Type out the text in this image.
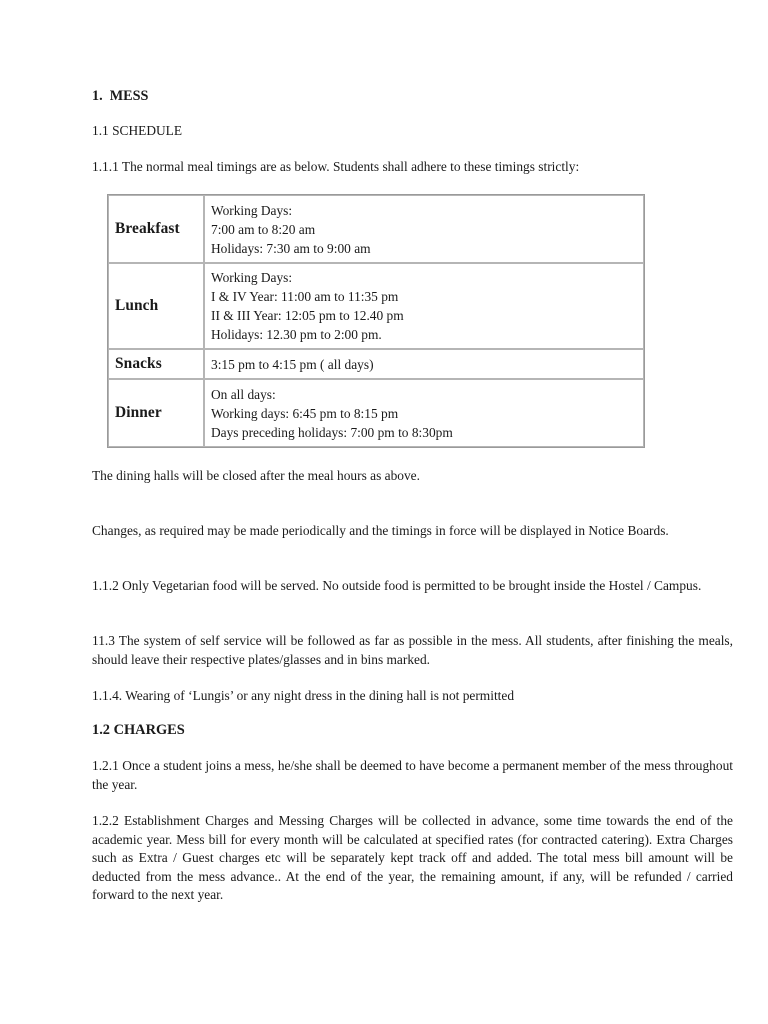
1. MESS
1.1 SCHEDULE
1.1.1 The normal meal timings are as below. Students shall adhere to these timings strictly:
Breakfast	Working Days:
7:00 am to 8:20 am
Holidays: 7:30 am to 9:00 am

Lunch	Working Days:
I & IV Year: 11:00 am to 11:35 pm
II & III Year: 12:05 pm to 12.40 pm
Holidays: 12.30 pm to 2:00 pm.

Snacks	3:15 pm to 4:15 pm ( all days)

Dinner	On all days:
Working days: 6:45 pm to 8:15 pm
Days preceding holidays: 7:00 pm to 8:30pm
The dining halls will be closed after the meal hours as above.
Changes, as required may be made periodically and the timings in force will be displayed in Notice Boards.
1.1.2 Only Vegetarian food will be served. No outside food is permitted to be brought inside the Hostel / Campus.
11.3 The system of self service will be followed as far as possible in the mess. All students, after finishing the meals, should leave their respective plates/glasses and in bins marked.
1.1.4. Wearing of ‘Lungis’ or any night dress in the dining hall is not permitted
1.2 CHARGES
1.2.1 Once a student joins a mess, he/she shall be deemed to have become a permanent member of the mess throughout the year.
1.2.2 Establishment Charges and Messing Charges will be collected in advance, some time towards the end of the academic year. Mess bill for every month will be calculated at specified rates (for contracted catering). Extra Charges such as Extra / Guest charges etc will be separately kept track off and added. The total mess bill amount will be deducted from the mess advance.. At the end of the year, the remaining amount, if any, will be refunded / carried forward to the next year.
